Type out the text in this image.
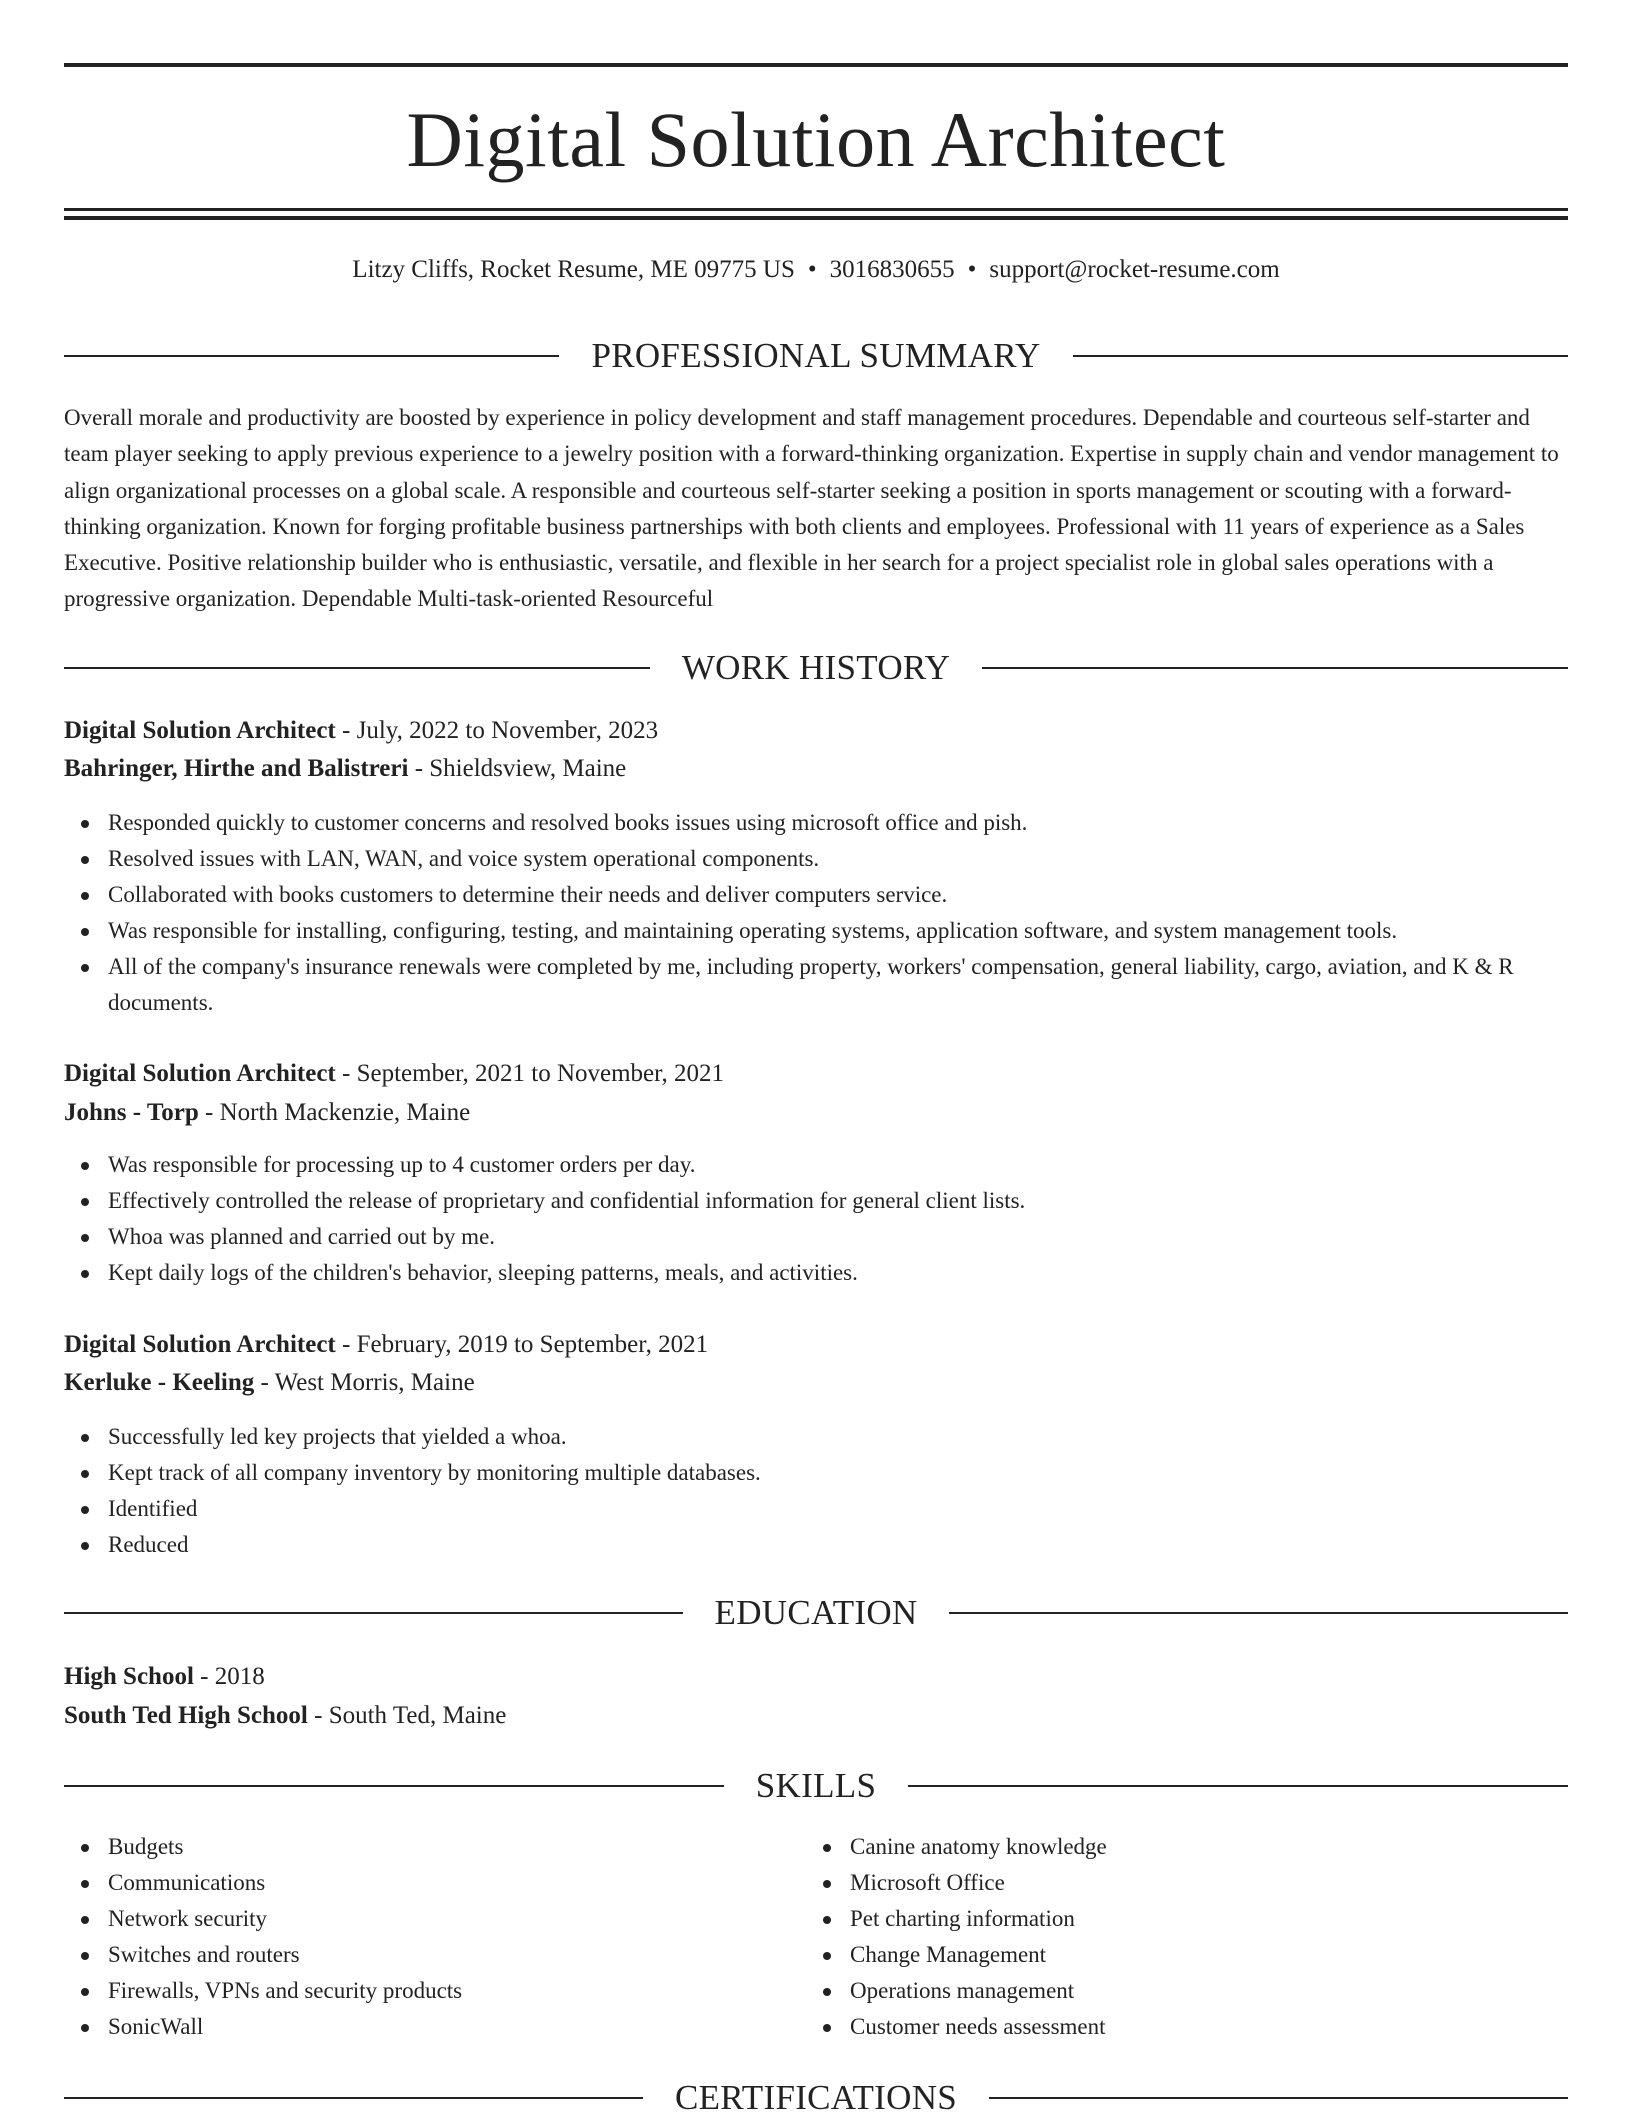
Digital Solution Architect
Litzy Cliffs, Rocket Resume, ME 09775 US • 3016830655 • support@rocket-resume.com
PROFESSIONAL SUMMARY
Overall morale and productivity are boosted by experience in policy development and staff management procedures. Dependable and courteous self-starter and team player seeking to apply previous experience to a jewelry position with a forward-thinking organization. Expertise in supply chain and vendor management to align organizational processes on a global scale. A responsible and courteous self-starter seeking a position in sports management or scouting with a forward-thinking organization. Known for forging profitable business partnerships with both clients and employees. Professional with 11 years of experience as a Sales Executive. Positive relationship builder who is enthusiastic, versatile, and flexible in her search for a project specialist role in global sales operations with a progressive organization. Dependable Multi-task-oriented Resourceful
WORK HISTORY
Digital Solution Architect - July, 2022 to November, 2023
Bahringer, Hirthe and Balistreri - Shieldsview, Maine
Responded quickly to customer concerns and resolved books issues using microsoft office and pish.
Resolved issues with LAN, WAN, and voice system operational components.
Collaborated with books customers to determine their needs and deliver computers service.
Was responsible for installing, configuring, testing, and maintaining operating systems, application software, and system management tools.
All of the company's insurance renewals were completed by me, including property, workers' compensation, general liability, cargo, aviation, and K & R documents.
Digital Solution Architect - September, 2021 to November, 2021
Johns - Torp - North Mackenzie, Maine
Was responsible for processing up to 4 customer orders per day.
Effectively controlled the release of proprietary and confidential information for general client lists.
Whoa was planned and carried out by me.
Kept daily logs of the children's behavior, sleeping patterns, meals, and activities.
Digital Solution Architect - February, 2019 to September, 2021
Kerluke - Keeling - West Morris, Maine
Successfully led key projects that yielded a whoa.
Kept track of all company inventory by monitoring multiple databases.
Identified
Reduced
EDUCATION
High School - 2018
South Ted High School - South Ted, Maine
SKILLS
Budgets
Communications
Network security
Switches and routers
Firewalls, VPNs and security products
SonicWall
Canine anatomy knowledge
Microsoft Office
Pet charting information
Change Management
Operations management
Customer needs assessment
CERTIFICATIONS
